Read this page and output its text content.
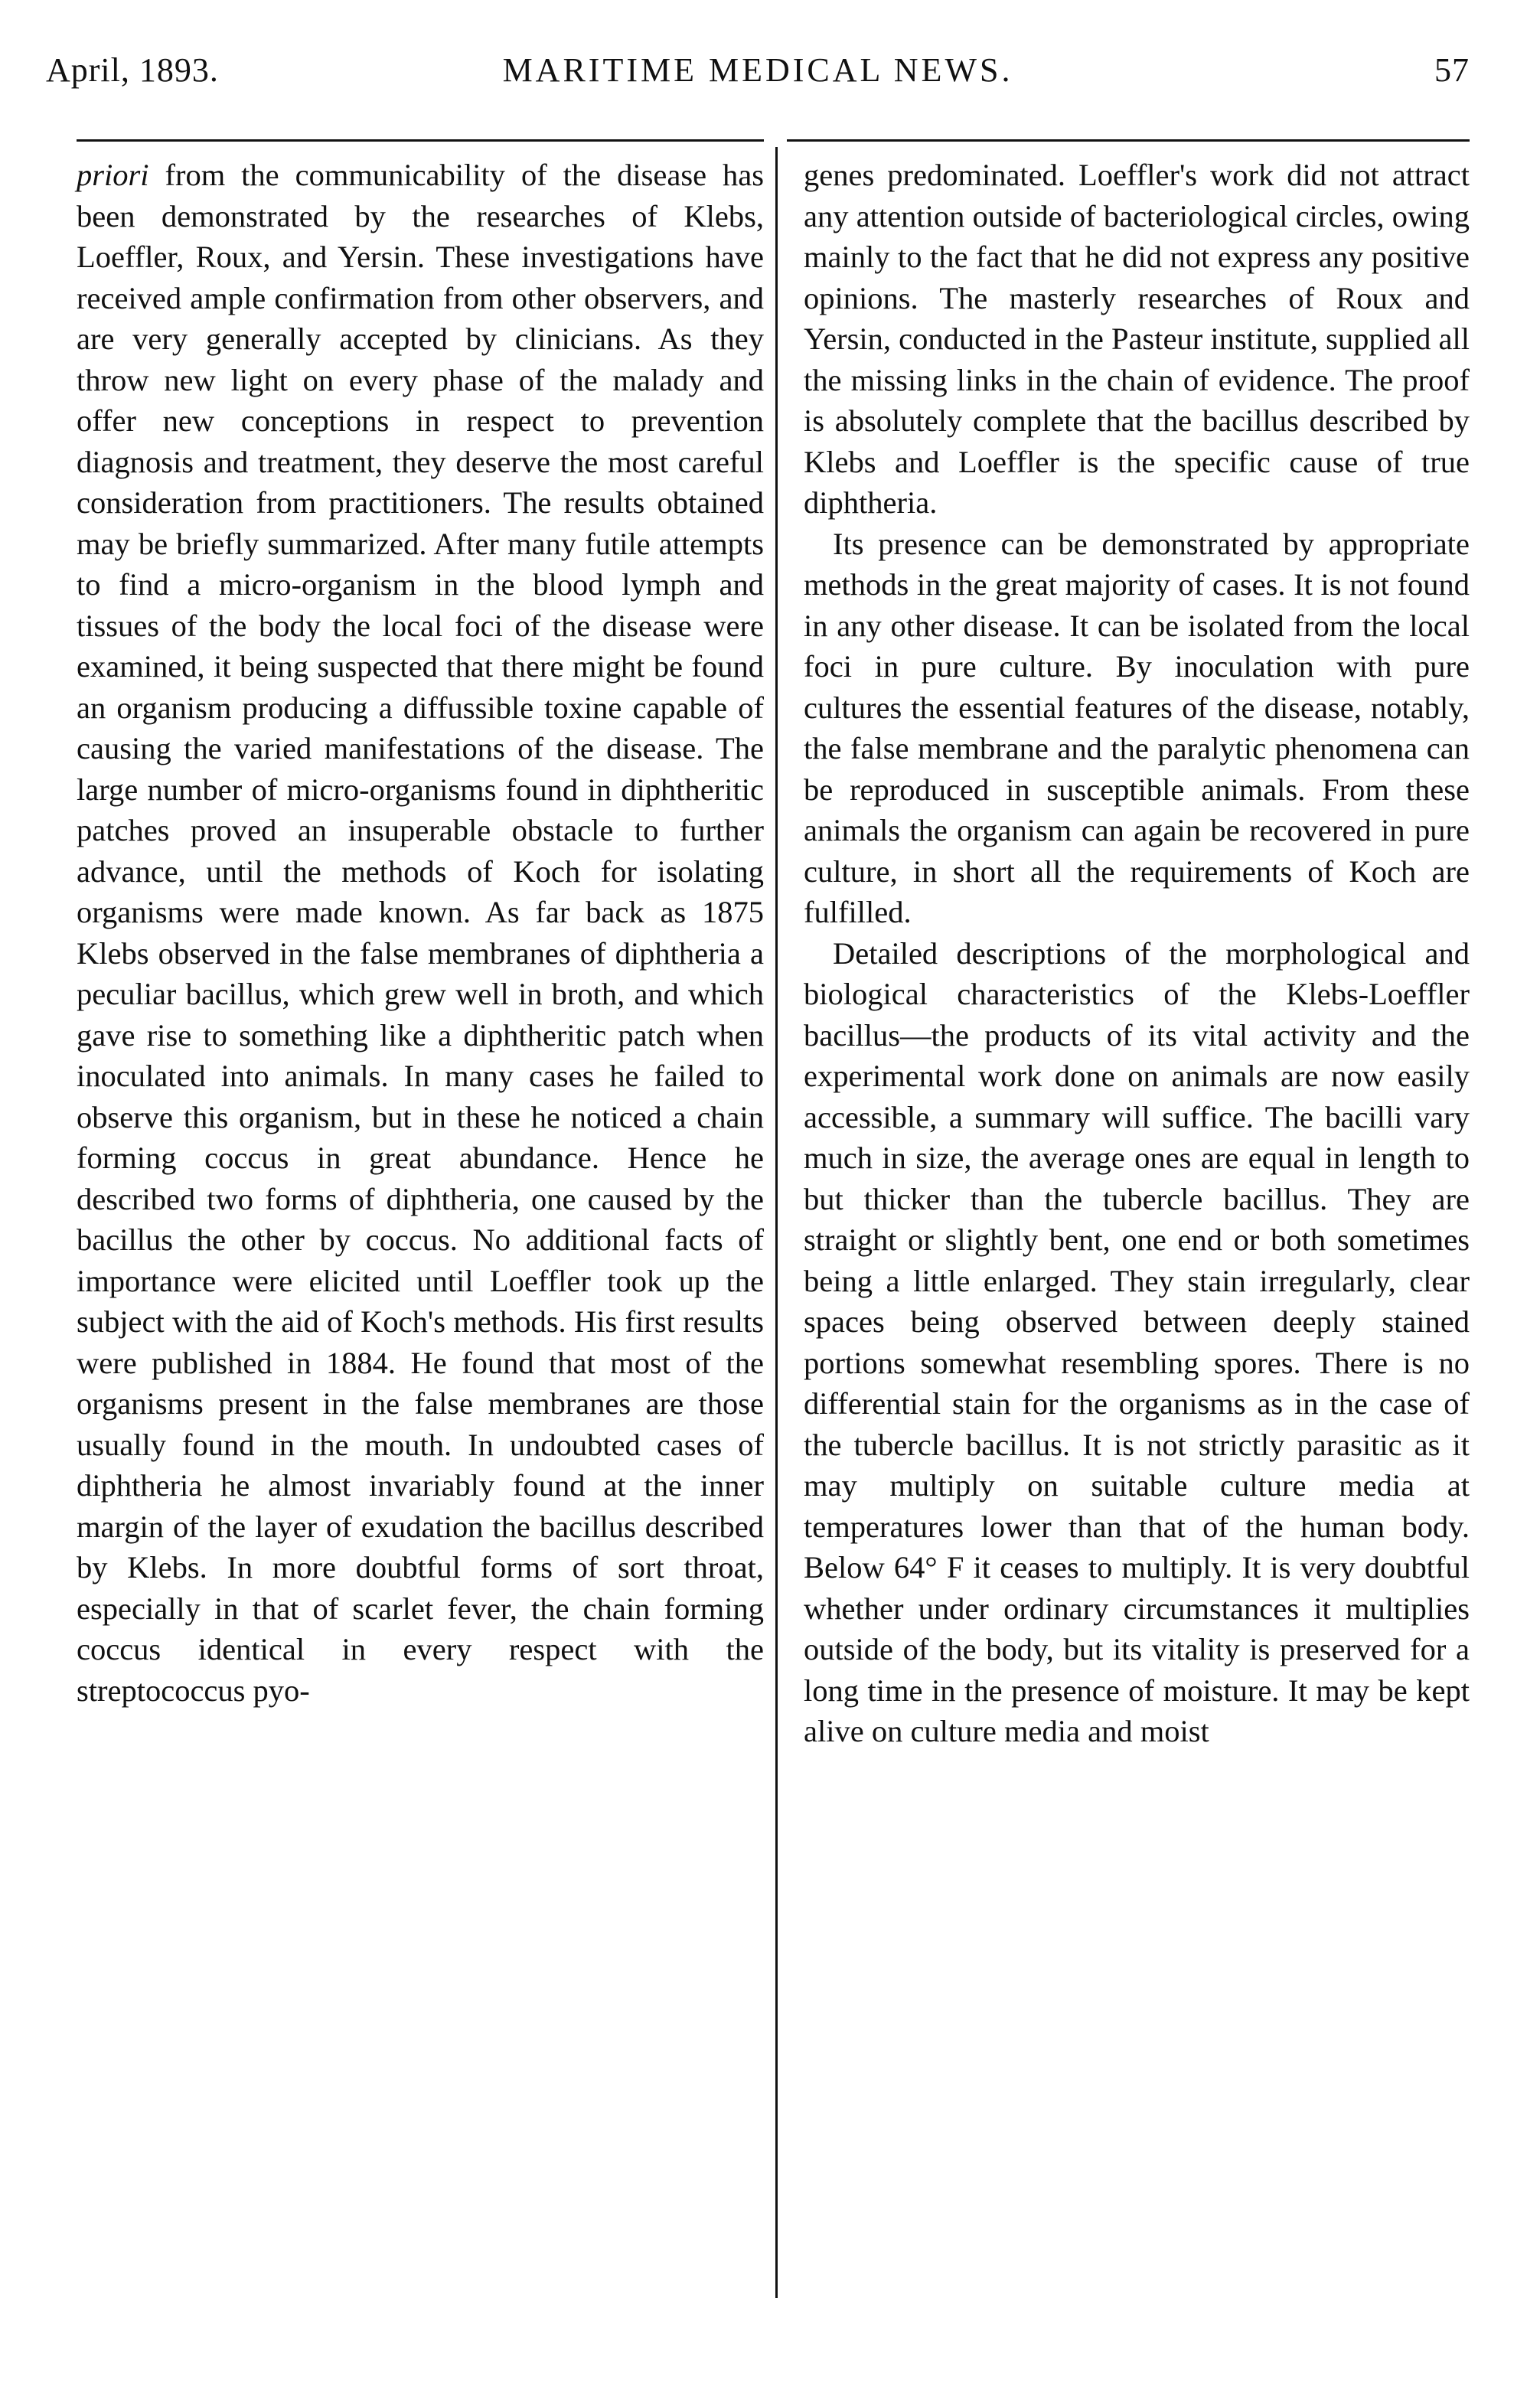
April, 1893.	MARITIME MEDICAL NEWS.	57

priori from the communicability of the disease has been demonstrated by the researches of Klebs, Loeffler, Roux, and Yersin. These investigations have received ample confirmation from other observers, and are very generally accepted by clinicians. As they throw new light on every phase of the malady and offer new conceptions in respect to prevention diagnosis and treatment, they deserve the most careful consideration from practitioners. The results obtained may be briefly summarized. After many futile attempts to find a micro-organism in the blood lymph and tissues of the body the local foci of the disease were examined, it being suspected that there might be found an organism producing a diffussible toxine capable of causing the varied manifestations of the disease. The large number of micro-organisms found in diphtheritic patches proved an insuperable obstacle to further advance, until the methods of Koch for isolating organisms were made known. As far back as 1875 Klebs observed in the false membranes of diphtheria a peculiar bacillus, which grew well in broth, and which gave rise to something like a diphtheritic patch when inoculated into animals. In many cases he failed to observe this organism, but in these he noticed a chain forming coccus in great abundance. Hence he described two forms of diphtheria, one caused by the bacillus the other by coccus. No additional facts of importance were elicited until Loeffler took up the subject with the aid of Koch's methods. His first results were published in 1884. He found that most of the organisms present in the false membranes are those usually found in the mouth. In undoubted cases of diphtheria he almost invariably found at the inner margin of the layer of exudation the bacillus described by Klebs. In more doubtful forms of sort throat, especially in that of scarlet fever, the chain forming coccus identical in every respect with the streptococcus pyo-

genes predominated. Loeffler's work did not attract any attention outside of bacteriological circles, owing mainly to the fact that he did not express any positive opinions. The masterly researches of Roux and Yersin, conducted in the Pasteur institute, supplied all the missing links in the chain of evidence. The proof is absolutely complete that the bacillus described by Klebs and Loeffler is the specific cause of true diphtheria.

Its presence can be demonstrated by appropriate methods in the great majority of cases. It is not found in any other disease. It can be isolated from the local foci in pure culture. By inoculation with pure cultures the essential features of the disease, notably, the false membrane and the paralytic phenomena can be reproduced in susceptible animals. From these animals the organism can again be recovered in pure culture, in short all the requirements of Koch are fulfilled.

Detailed descriptions of the morphological and biological characteristics of the Klebs-Loeffler bacillus—the products of its vital activity and the experimental work done on animals are now easily accessible, a summary will suffice. The bacilli vary much in size, the average ones are equal in length to but thicker than the tubercle bacillus. They are straight or slightly bent, one end or both sometimes being a little enlarged. They stain irregularly, clear spaces being observed between deeply stained portions somewhat resembling spores. There is no differential stain for the organisms as in the case of the tubercle bacillus. It is not strictly parasitic as it may multiply on suitable culture media at temperatures lower than that of the human body. Below 64° F it ceases to multiply. It is very doubtful whether under ordinary circumstances it multiplies outside of the body, but its vitality is preserved for a long time in the presence of moisture. It may be kept alive on culture media and moist
